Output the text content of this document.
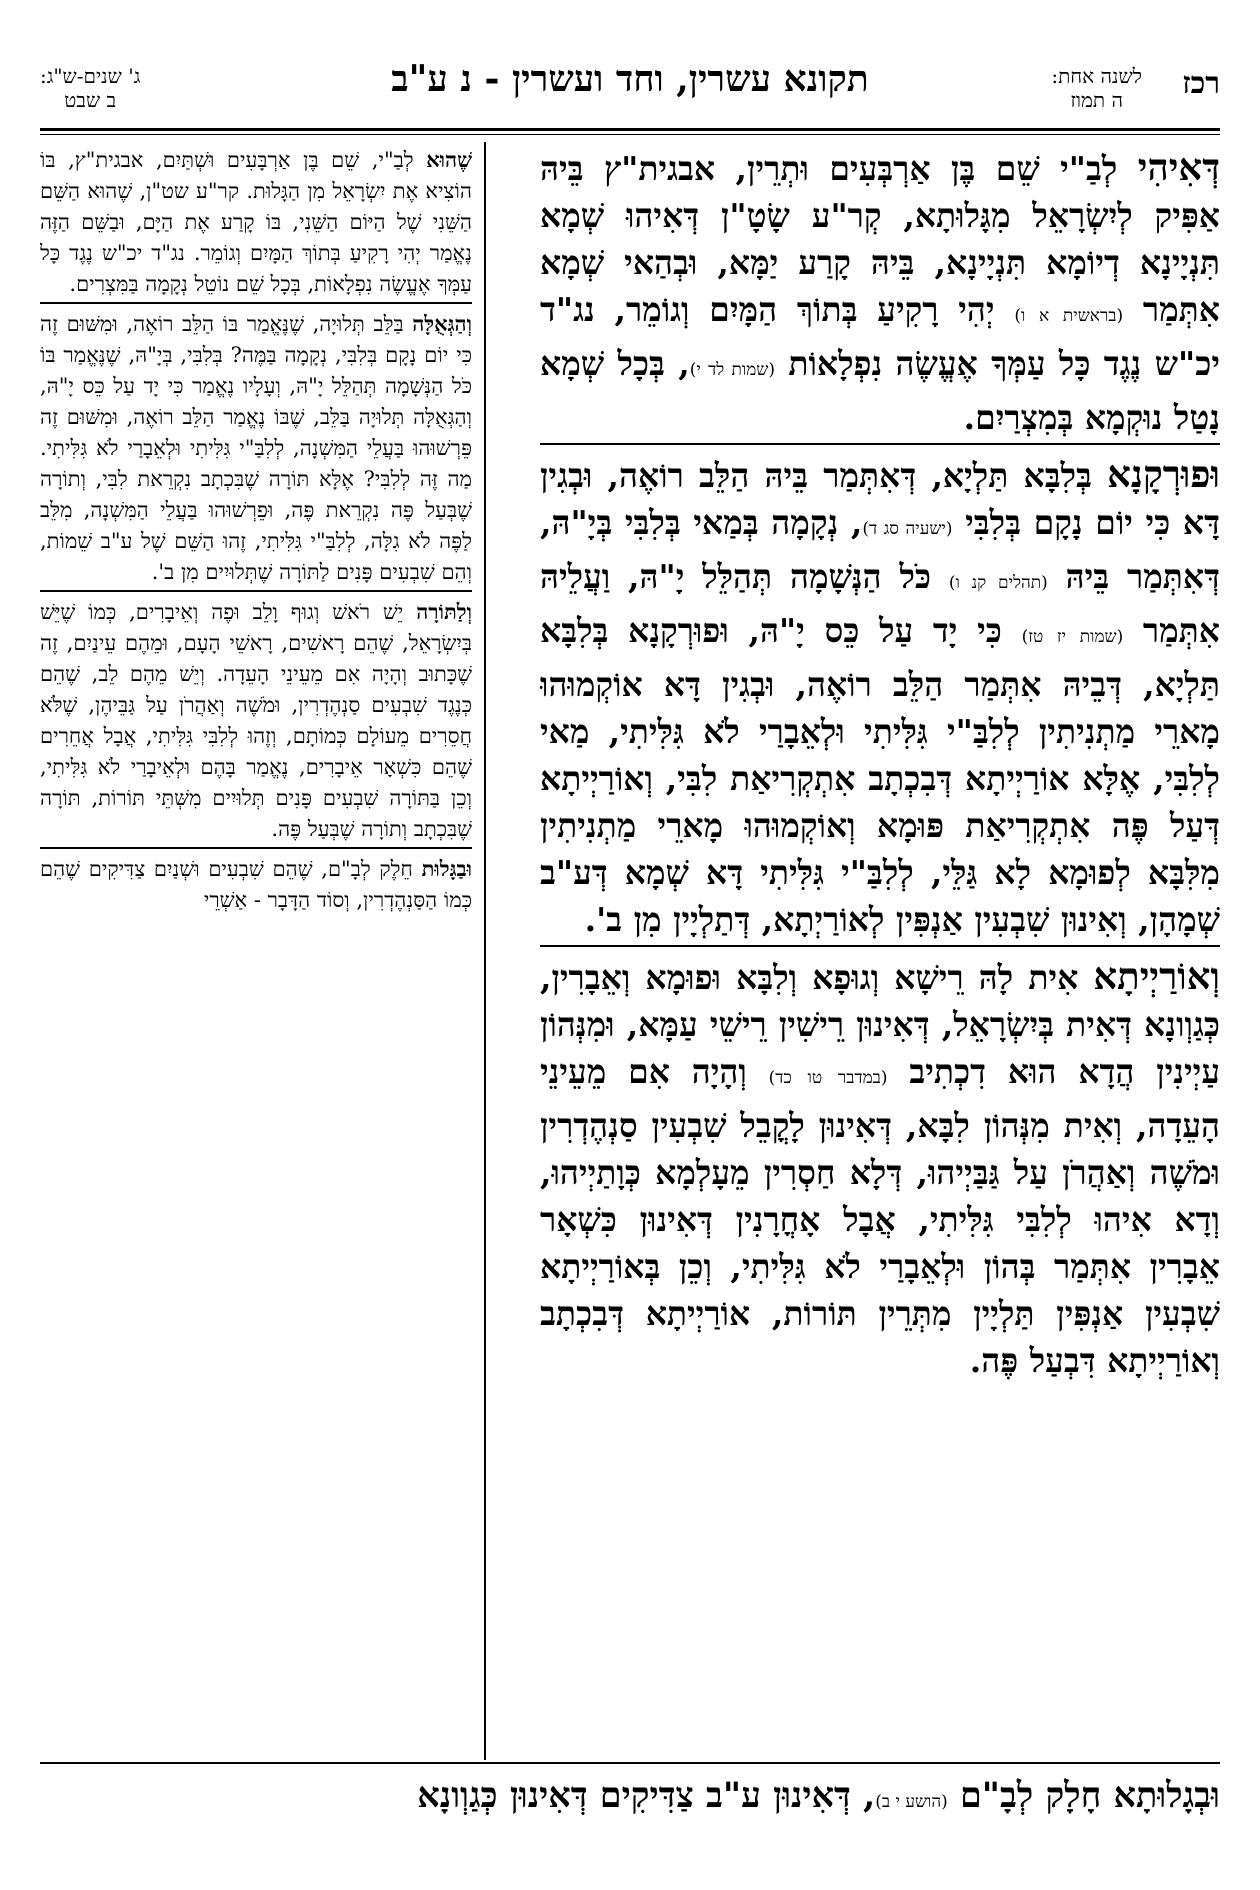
רכז
לשנה אחת:
ה תמוז
תקונא עשרין, וחד ועשרין - נ ע"ב
ג' שנים-ש"ג:
ב שבט

דְּאִיהִי לְבַ"י שֵׁם בֶּן אַרְבְּעִים וּתְרֵין, אבגית"ץ בֵּיהּ אַפִּיק לְיִשְׂרָאֵל מִגָּלוּתָא, קְר"ע שָׂטָ"ן דְּאִיהוּ שְׁמָא תִּנְיָינָא דְיוֹמָא תִּנְיָינָא, בֵּיהּ קָרַע יַמָּא, וּבְהַאי שְׁמָא אִתְּמַר (בראשית א ו) יְהִי רָקִיעַ בְּתוֹךְ הַמָּיִם וְגוֹמֵר, נג"ד יכ"ש נֶגֶד כָּל עַמְּךָ אֶעֱשֶׂה נִפְלָאוֹת (שמות לד י), בְּכָל שְׁמָא נָטַל נוּקְמָא בְּמִצְרַיִם.

וּפוּרְקָנָא בְּלִבָּא תַּלְיָא, דְּאִתְּמַר בֵּיהּ הַלֵּב רוֹאֶה, וּבְגִין דָּא כִּי יוֹם נָקָם בְּלִבִּי (ישעיה סג ד), נְקָמָה בְּמַאי בְּלִבִּי בְּיָ"הּ, דְּאִתְּמַר בֵּיהּ (תהלים קנ ו) כֹּל הַנְּשָׁמָה תְּהַלֵּל יָ"הּ, וַעֲלֵיהּ אִתְּמַר (שמות יז טז) כִּי יָד עַל כֵּס יָ"הּ, וּפוּרְקָנָא בְּלִבָּא תַּלְיָא, דְּבֵיהּ אִתְּמַר הַלֵּב רוֹאֶה, וּבְגִין דָּא אוֹקְמוּהוּ מָארֵי מַתְנִיתִין לְלִבַּ"י גִּלִּיתִי וּלְאֵבָרַי לֹא גִּלִּיתִי, מַאי לְלִבִּי, אֶלָּא אוֹרַיְיתָא דְּבִכְתָב אִתְקְרִיאַת לִבִּי, וְאוֹרַיְיתָא דְּעַל פֶּה אִתְקְרִיאַת פּוּמָא וְאוֹקְמוּהוּ מָארֵי מַתְנִיתִין מִלִּבָּא לְפוּמָא לָא גַּלֵּי, לְלִבַּ"י גִּלִּיתִי דָּא שְׁמָא דְּע"ב שְׁמָהָן, וְאִינוּן שִׁבְעִין אַנְפִּין לְאוֹרַיְתָא, דְּתַלְיָין מִן ב'.

וְאוֹרַיְיתָא אִית לָהּ רֵישָׁא וְגוּפָא וְלִבָּא וּפוּמָא וְאֵבָרִין, כְּגַוְונָא דְּאִית בְּיִשְׂרָאֵל, דְּאִינוּן רֵישִׁין רֵישֵׁי עַמָּא, וּמִנְּהוֹן עַיְינִין הֲדָא הוּא דִכְתִיב (במדבר טו כד) וְהָיָה אִם מֵעֵינֵי הָעֵדָה, וְאִית מִנְּהוֹן לִבָּא, דְּאִינוּן לָקֳבֵל שִׁבְעִין סַנְהֶדְרִין וּמֹשֶׁה וְאַהֲרֹן עַל גַּבַּיְיהוּ, דְּלָא חַסְרִין מֵעָלְמָא כְּוָתַיְיהוּ, וְדָא אִיהוּ לְלִבִּי גִּלִּיתִי, אֲבָל אָחֳרָנִין דְּאִינוּן כִּשְׁאָר אֵבָרִין אִתְּמַר בְּהוֹן וּלְאֵבָרַי לֹא גִּלִּיתִי, וְכֵן בְּאוֹרַיְיתָא שִׁבְעִין אַנְפִּין תַּלְיָין מִתְּרֵין תּוֹרוֹת, אוֹרַיְיתָא דְּבִכְתָב וְאוֹרַיְיתָא דִּבְעַל פֶּה.

שֶׁהוּא לְבַ"י, שֵׁם בֶּן אַרְבָּעִים וּשְׁתַּיִם, אבגית"ץ, בּוֹ הוֹצִיא אֶת יִשְׂרָאֵל מִן הַגָּלוּת. קר"ע שט"ן, שֶׁהוּא הַשֵּׁם הַשֵּׁנִי שֶׁל הַיּוֹם הַשֵּׁנִי, בּוֹ קָרַע אֶת הַיָּם, וּבַשֵּׁם הַזֶּה נֶאֱמַר יְהִי רָקִיעַ בְּתוֹךְ הַמָּיִם וְגוֹמֵר. נג"ד יכ"ש נֶגֶד כָּל עַמְּךָ אֶעֱשֶׂה נִפְלָאוֹת, בְּכָל שֵׁם נוֹטֵל נְקָמָה בַּמִּצְרִים.

וְהַגְּאֻלָּה בַּלֵּב תְּלוּיָה, שֶׁנֶּאֱמַר בּוֹ הַלֵּב רוֹאֶה, וּמִשּׁוּם זֶה כִּי יוֹם נָקָם בְּלִבִּי, נְקָמָה בַּמֶּה? בְּלִבִּי, בְּיָ"הּ, שֶׁנֶּאֱמַר בּוֹ כֹּל הַנְּשָׁמָה תְּהַלֵּל יָ"הּ, וְעָלָיו נֶאֱמַר כִּי יָד עַל כֵּס יָ"הּ, וְהַגְּאֻלָּה תְּלוּיָה בַּלֵּב, שֶׁבּוֹ נֶאֱמַר הַלֵּב רוֹאֶה, וּמִשּׁוּם זֶה פֵּרְשׁוּהוּ בַּעֲלֵי הַמִּשְׁנָה, לְלִבַּ"י גִּלִּיתִי וּלְאֵבָרַי לֹא גִּלִּיתִי. מַה זֶּה לְלִבִּי? אֶלָּא תּוֹרָה שֶׁבִּכְתָב נִקְרֵאת לִבִּי, וְתוֹרָה שֶׁבְּעַל פֶּה נִקְרֵאת פֶּה, וּפֵרְשׁוּהוּ בַּעֲלֵי הַמִּשְׁנָה, מִלֵּב לַפֶּה לֹא גִלָּה, לְלִבַּ"י גִּלִּיתִי, זֶהוּ הַשֵּׁם שֶׁל ע"ב שֵׁמוֹת, וְהֵם שִׁבְעִים פָּנִים לַתּוֹרָה שֶׁתְּלוּיִים מִן ב'.

וְלַתּוֹרָה יֵשׁ רֹאשׁ וְגוּף וָלֵב וּפֶה וְאֵיבָרִים, כְּמוֹ שֶׁיֵּשׁ בְּיִשְׂרָאֵל, שֶׁהֵם רָאשִׁים, רָאשֵׁי הָעָם, וּמֵהֶם עֵינַיִם, זֶה שֶׁכָּתוּב וְהָיָה אִם מֵעֵינֵי הָעֵדָה. וְיֵשׁ מֵהֶם לֵב, שֶׁהֵם כְּנֶגֶד שִׁבְעִים סַנְהֶדְרִין, וּמֹשֶׁה וְאַהֲרֹן עַל גַּבֵּיהֶן, שֶׁלֹּא חֲסֵרִים מֵעוֹלָם כְּמוֹתָם, וְזֶהוּ לְלִבִּי גִּלִּיתִי, אֲבָל אֲחֵרִים שֶׁהֵם כִּשְׁאָר אֵיבָרִים, נֶאֱמַר בָּהֶם וּלְאֵיבָרַי לֹא גִּלִּיתִי, וְכֵן בַּתּוֹרָה שִׁבְעִים פָּנִים תְּלוּיִים מִשְּׁתֵּי תּוֹרוֹת, תּוֹרָה שֶׁבִּכְתָב וְתוֹרָה שֶׁבְּעַל פֶּה.

וּבַגָּלוּת חֵלֶק לְבָ"ם, שֶׁהֵם שִׁבְעִים וּשְׁנַיִם צַדִּיקִים שֶׁהֵם כְּמוֹ הַסַּנְהֶדְרִין, וְסוֹד הַדָּבָר - אַשְׁרֵי

וּבְגָלוּתָא חָלָק לְבָ"ם (הושע י ב), דְּאִינוּן ע"ב צַדִּיקִים דְּאִינוּן כְּגַוְונָא
